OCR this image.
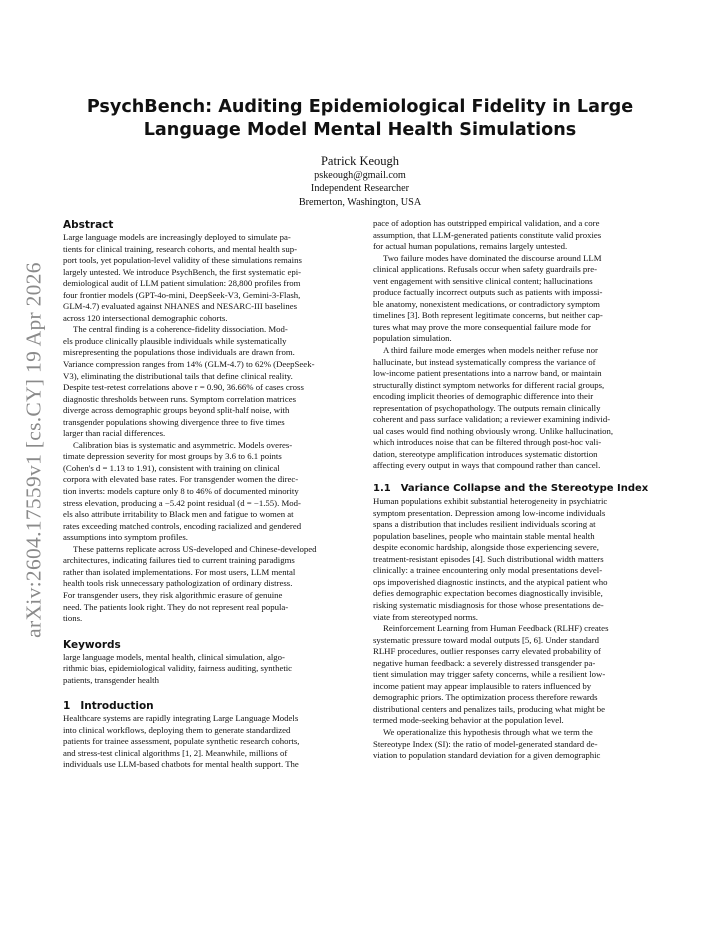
arXiv:2604.17559v1 [cs.CY] 19 Apr 2026
PsychBench: Auditing Epidemiological Fidelity in Large
Language Model Mental Health Simulations
Patrick Keough
pskeough@gmail.com
Independent Researcher
Bremerton, Washington, USA
Abstract
Large language models are increasingly deployed to simulate pa-
tients for clinical training, research cohorts, and mental health sup-
port tools, yet population-level validity of these simulations remains
largely untested. We introduce PsychBench, the first systematic epi-
demiological audit of LLM patient simulation: 28,800 profiles from
four frontier models (GPT-4o-mini, DeepSeek-V3, Gemini-3-Flash,
GLM-4.7) evaluated against NHANES and NESARC-III baselines
across 120 intersectional demographic cohorts.
The central finding is a coherence-fidelity dissociation. Mod-
els produce clinically plausible individuals while systematically
misrepresenting the populations those individuals are drawn from.
Variance compression ranges from 14% (GLM-4.7) to 62% (DeepSeek-
V3), eliminating the distributional tails that define clinical reality.
Despite test-retest correlations above r = 0.90, 36.66% of cases cross
diagnostic thresholds between runs. Symptom correlation matrices
diverge across demographic groups beyond split-half noise, with
transgender populations showing divergence three to five times
larger than racial differences.
Calibration bias is systematic and asymmetric. Models overes-
timate depression severity for most groups by 3.6 to 6.1 points
(Cohen's d = 1.13 to 1.91), consistent with training on clinical
corpora with elevated base rates. For transgender women the direc-
tion inverts: models capture only 8 to 46% of documented minority
stress elevation, producing a −5.42 point residual (d = −1.55). Mod-
els also attribute irritability to Black men and fatigue to women at
rates exceeding matched controls, encoding racialized and gendered
assumptions into symptom profiles.
These patterns replicate across US-developed and Chinese-developed
architectures, indicating failures tied to current training paradigms
rather than isolated implementations. For most users, LLM mental
health tools risk unnecessary pathologization of ordinary distress.
For transgender users, they risk algorithmic erasure of genuine
need. The patients look right. They do not represent real popula-
tions.
Keywords
large language models, mental health, clinical simulation, algo-
rithmic bias, epidemiological validity, fairness auditing, synthetic
patients, transgender health
1 Introduction
Healthcare systems are rapidly integrating Large Language Models
into clinical workflows, deploying them to generate standardized
patients for trainee assessment, populate synthetic research cohorts,
and stress-test clinical algorithms [1, 2]. Meanwhile, millions of
individuals use LLM-based chatbots for mental health support. The
pace of adoption has outstripped empirical validation, and a core
assumption, that LLM-generated patients constitute valid proxies
for actual human populations, remains largely untested.
Two failure modes have dominated the discourse around LLM
clinical applications. Refusals occur when safety guardrails pre-
vent engagement with sensitive clinical content; hallucinations
produce factually incorrect outputs such as patients with impossi-
ble anatomy, nonexistent medications, or contradictory symptom
timelines [3]. Both represent legitimate concerns, but neither cap-
tures what may prove the more consequential failure mode for
population simulation.
A third failure mode emerges when models neither refuse nor
hallucinate, but instead systematically compress the variance of
low-income patient presentations into a narrow band, or maintain
structurally distinct symptom networks for different racial groups,
encoding implicit theories of demographic difference into their
representation of psychopathology. The outputs remain clinically
coherent and pass surface validation; a reviewer examining individ-
ual cases would find nothing obviously wrong. Unlike hallucination,
which introduces noise that can be filtered through post-hoc vali-
dation, stereotype amplification introduces systematic distortion
affecting every output in ways that compound rather than cancel.
1.1 Variance Collapse and the Stereotype Index
Human populations exhibit substantial heterogeneity in psychiatric
symptom presentation. Depression among low-income individuals
spans a distribution that includes resilient individuals scoring at
population baselines, people who maintain stable mental health
despite economic hardship, alongside those experiencing severe,
treatment-resistant episodes [4]. Such distributional width matters
clinically: a trainee encountering only modal presentations devel-
ops impoverished diagnostic instincts, and the atypical patient who
defies demographic expectation becomes diagnostically invisible,
risking systematic misdiagnosis for those whose presentations de-
viate from stereotyped norms.
Reinforcement Learning from Human Feedback (RLHF) creates
systematic pressure toward modal outputs [5, 6]. Under standard
RLHF procedures, outlier responses carry elevated probability of
negative human feedback: a severely distressed transgender pa-
tient simulation may trigger safety concerns, while a resilient low-
income patient may appear implausible to raters influenced by
demographic priors. The optimization process therefore rewards
distributional centers and penalizes tails, producing what might be
termed mode-seeking behavior at the population level.
We operationalize this hypothesis through what we term the
Stereotype Index (SI): the ratio of model-generated standard de-
viation to population standard deviation for a given demographic
